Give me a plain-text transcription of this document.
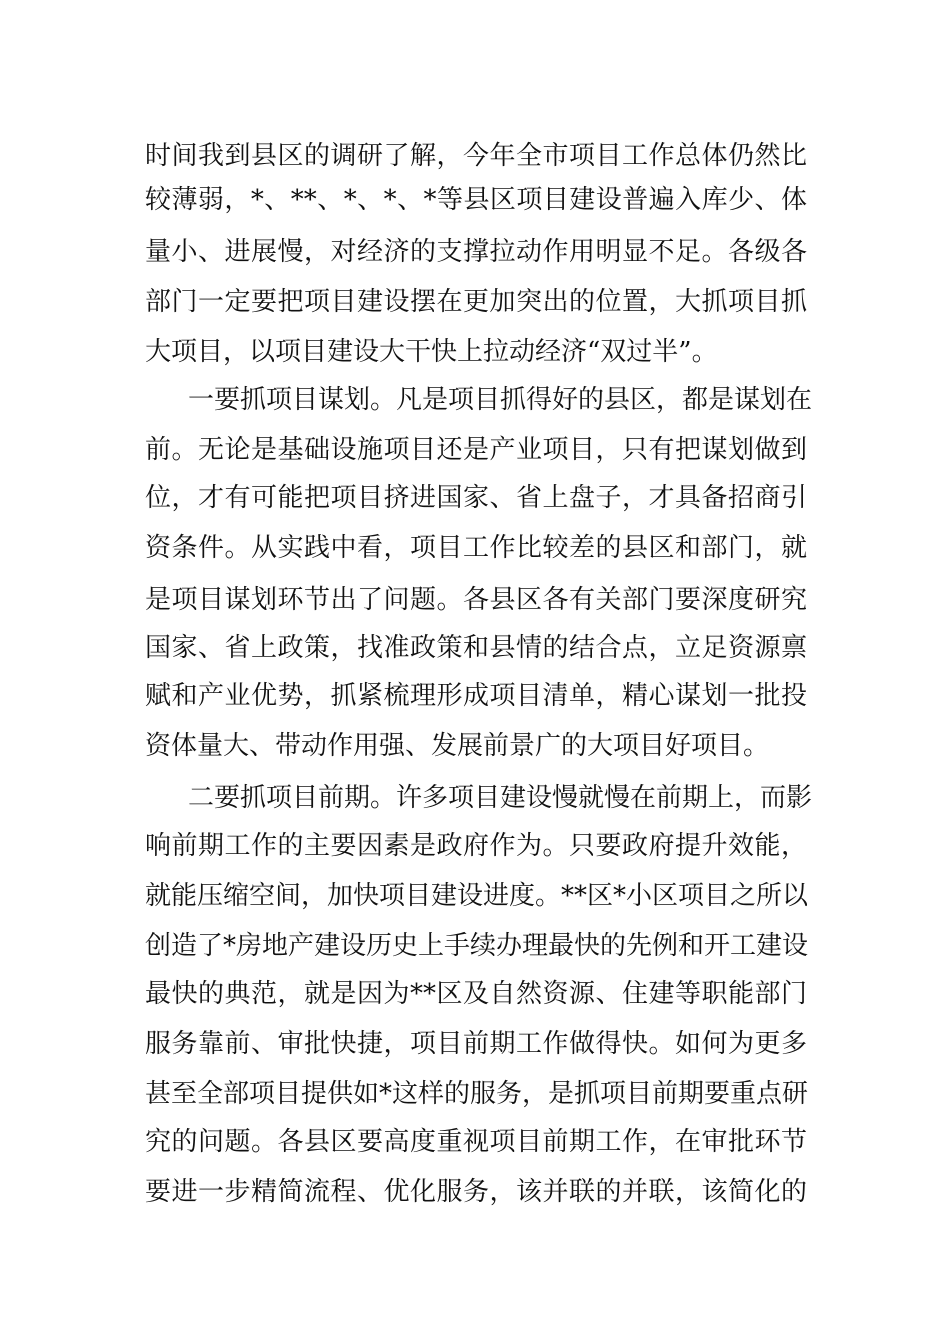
时间我到县区的调研了解，今年全市项目工作总体仍然比
较薄弱，*、**、*、*、*等县区项目建设普遍入库少、体
量小、进展慢，对经济的支撑拉动作用明显不足。各级各
部门一定要把项目建设摆在更加突出的位置，大抓项目抓
大项目，以项目建设大干快上拉动经济“双过半”。
一要抓项目谋划。凡是项目抓得好的县区，都是谋划在
前。无论是基础设施项目还是产业项目，只有把谋划做到
位，才有可能把项目挤进国家、省上盘子，才具备招商引
资条件。从实践中看，项目工作比较差的县区和部门，就
是项目谋划环节出了问题。各县区各有关部门要深度研究
国家、省上政策，找准政策和县情的结合点，立足资源禀
赋和产业优势，抓紧梳理形成项目清单，精心谋划一批投
资体量大、带动作用强、发展前景广的大项目好项目。
二要抓项目前期。许多项目建设慢就慢在前期上，而影
响前期工作的主要因素是政府作为。只要政府提升效能，
就能压缩空间，加快项目建设进度。**区*小区项目之所以
创造了*房地产建设历史上手续办理最快的先例和开工建设
最快的典范，就是因为**区及自然资源、住建等职能部门
服务靠前、审批快捷，项目前期工作做得快。如何为更多
甚至全部项目提供如*这样的服务，是抓项目前期要重点研
究的问题。各县区要高度重视项目前期工作，在审批环节
要进一步精简流程、优化服务，该并联的并联，该简化的
